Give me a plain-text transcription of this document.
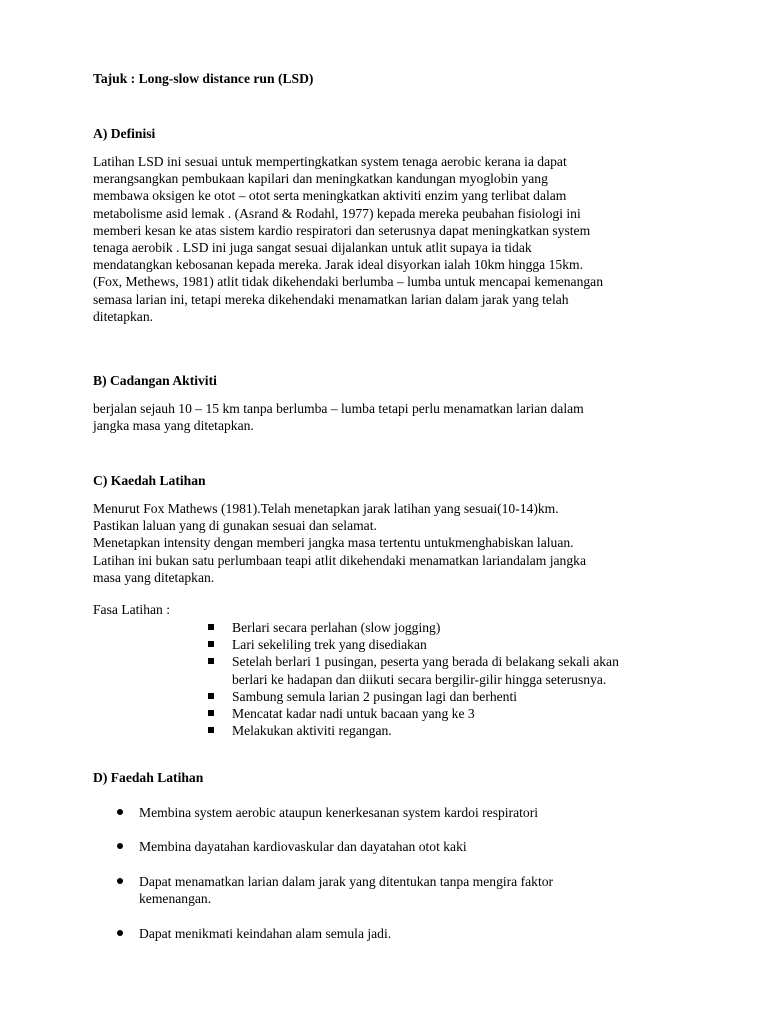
Tajuk : Long-slow distance run (LSD)

A) Definisi

Latihan LSD ini sesuai untuk mempertingkatkan system tenaga aerobic kerana ia dapat
merangsangkan pembukaan kapilari dan meningkatkan kandungan myoglobin yang
membawa oksigen ke otot – otot serta meningkatkan aktiviti enzim yang terlibat dalam
metabolisme asid lemak . (Asrand & Rodahl, 1977) kepada mereka peubahan fisiologi ini
memberi kesan ke atas sistem kardio respiratori dan seterusnya dapat meningkatkan system
tenaga aerobik . LSD ini juga sangat sesuai dijalankan untuk atlit supaya ia tidak
mendatangkan kebosanan kepada mereka. Jarak ideal disyorkan ialah 10km hingga 15km.
(Fox, Methews, 1981) atlit tidak dikehendaki berlumba – lumba untuk mencapai kemenangan
semasa larian ini, tetapi mereka dikehendaki menamatkan larian dalam jarak yang telah
ditetapkan.

B) Cadangan Aktiviti

berjalan sejauh 10 – 15 km tanpa berlumba – lumba tetapi perlu menamatkan larian dalam
jangka masa yang ditetapkan.

C) Kaedah Latihan

Menurut Fox Mathews (1981).Telah menetapkan jarak latihan yang sesuai(10-14)km.
Pastikan laluan yang di gunakan sesuai dan selamat.
Menetapkan intensity dengan memberi jangka masa tertentu untukmenghabiskan laluan.
Latihan ini bukan satu perlumbaan teapi atlit dikehendaki menamatkan lariandalam jangka
masa yang ditetapkan.

Fasa Latihan :

Berlari secara perlahan (slow jogging)
Lari sekeliling trek yang disediakan
Setelah berlari 1 pusingan, peserta yang berada di belakang sekali akan
berlari ke hadapan dan diikuti secara bergilir-gilir hingga seterusnya.
Sambung semula larian 2 pusingan lagi dan berhenti
Mencatat kadar nadi untuk bacaan yang ke 3
Melakukan aktiviti regangan.

D) Faedah Latihan

Membina system aerobic ataupun kenerkesanan system kardoi respiratori
Membina dayatahan kardiovaskular dan dayatahan otot kaki
Dapat menamatkan larian dalam jarak yang ditentukan tanpa mengira faktor
kemenangan.
Dapat menikmati keindahan alam semula jadi.
